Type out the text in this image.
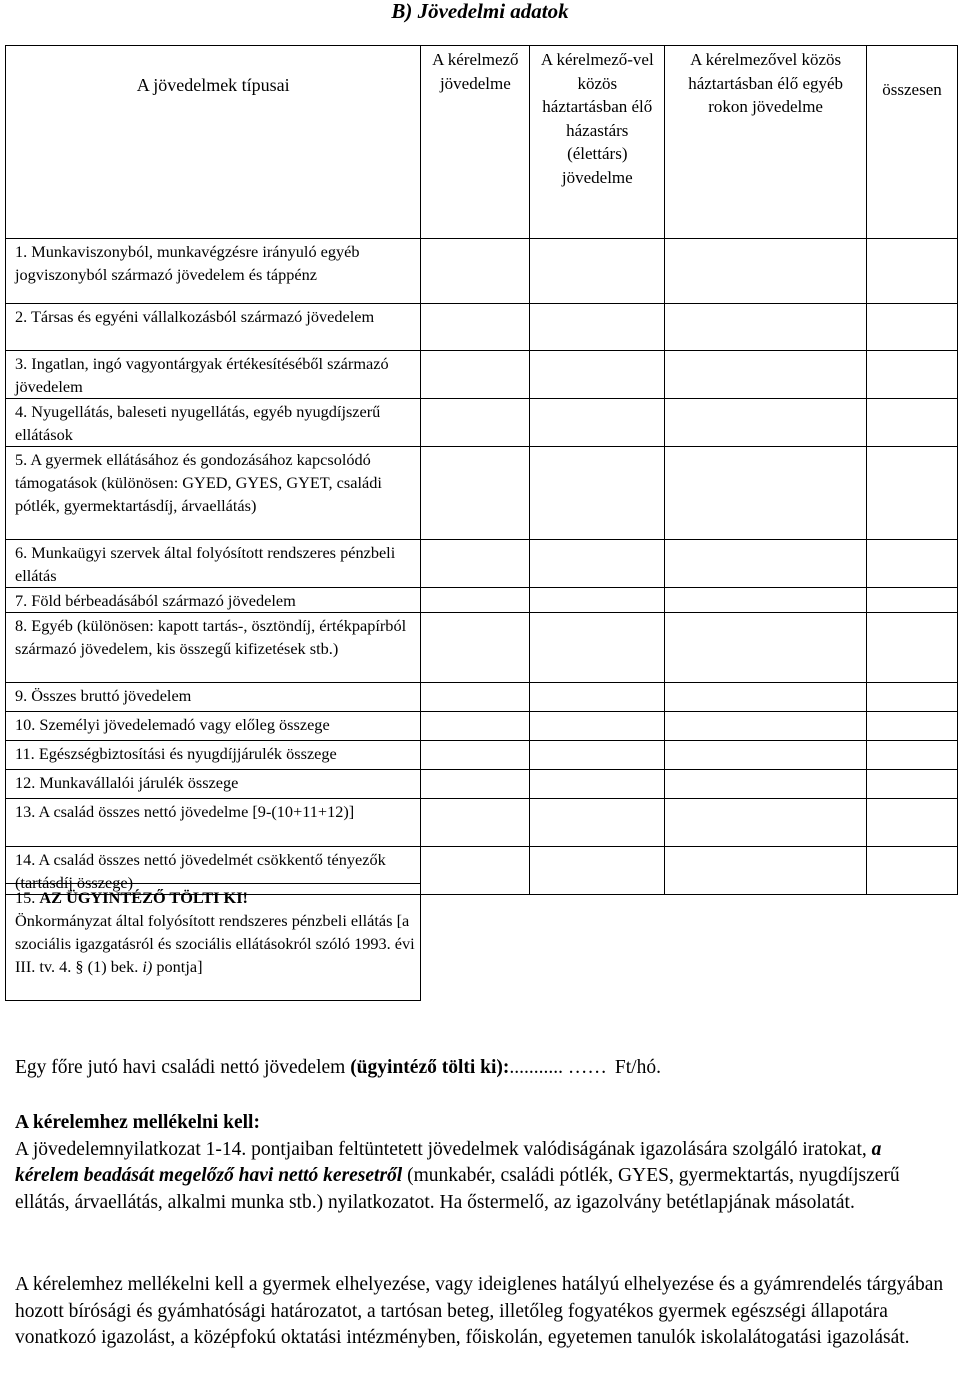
B) Jövedelmi adatok
A jövedelmek típusai	A kérelmező jövedelme	A kérelmező-vel közös háztartásban élő házastárs (élettárs) jövedelme	A kérelmezővel közös háztartásban élő egyéb rokon jövedelme	összesen
1. Munkaviszonyból, munkavégzésre irányuló egyéb jogviszonyból származó jövedelem és táppénz				
2. Társas és egyéni vállalkozásból származó jövedelem				
3. Ingatlan, ingó vagyontárgyak értékesítéséből származó jövedelem				
4. Nyugellátás, baleseti nyugellátás, egyéb nyugdíjszerű ellátások				
5. A gyermek ellátásához és gondozásához kapcsolódó támogatások (különösen: GYED, GYES, GYET, családi pótlék, gyermektartásdíj, árvaellátás)				
6. Munkaügyi szervek által folyósított rendszeres pénzbeli ellátás				
7. Föld bérbeadásából származó jövedelem				
8. Egyéb (különösen: kapott tartás-, ösztöndíj, értékpapírból származó jövedelem, kis összegű kifizetések stb.)				
9. Összes bruttó jövedelem				
10. Személyi jövedelemadó vagy előleg összege				
11. Egészségbiztosítási és nyugdíjjárulék összege				
12. Munkavállalói járulék összege				
13. A család összes nettó jövedelme [9-(10+11+12)]				
14. A család összes nettó jövedelmét csökkentő tényezők (tartásdíj összege)				
15. AZ ÜGYINTÉZŐ TÖLTI KI!
Önkormányzat által folyósított rendszeres pénzbeli ellátás [a szociális igazgatásról és szociális ellátásokról szóló 1993. évi III. tv. 4. § (1) bek. i) pontja]
Egy főre jutó havi családi nettó jövedelem (ügyintéző tölti ki):........... …… Ft/hó.
A kérelemhez mellékelni kell:
A jövedelemnyilatkozat 1-14. pontjaiban feltüntetett jövedelmek valódiságának igazolására szolgáló iratokat, a kérelem beadását megelőző havi nettó keresetről (munkabér, családi pótlék, GYES, gyermektartás, nyugdíjszerű ellátás, árvaellátás, alkalmi munka stb.) nyilatkozatot. Ha őstermelő, az igazolvány betétlapjának másolatát.
A kérelemhez mellékelni kell a gyermek elhelyezése, vagy ideiglenes hatályú elhelyezése és a gyámrendelés tárgyában hozott bírósági és gyámhatósági határozatot, a tartósan beteg, illetőleg fogyatékos gyermek egészségi állapotára vonatkozó igazolást, a középfokú oktatási intézményben, főiskolán, egyetemen tanulók iskolalátogatási igazolását.
